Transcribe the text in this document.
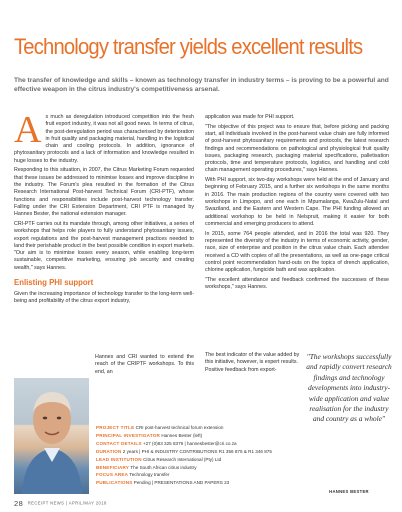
Technology transfer yields excellent results
The transfer of knowledge and skills – known as technology transfer in industry terms – is proving to be a powerful and effective weapon in the citrus industry's competitiveness arsenal.

A s much as deregulation introduced competition into the fresh fruit export industry, it was not all good news. In terms of citrus, the post-deregulation period was characterised by deterioration in fruit quality and packaging material, handling in the logistical chain and cooling protocols. In addition, ignorance of phytosanitary protocols and a lack of information and knowledge resulted in huge losses to the industry.

Responding to this situation, in 2007, the Citrus Marketing Forum requested that these issues be addressed to minimise losses and improve discipline in the industry. The Forum's plea resulted in the formation of the Citrus Research International Post-harvest Technical Forum (CRI-PTF), whose functions and responsibilities include post-harvest technology transfer. Falling under the CRI Extension Department, CRI PTF is managed by Hannes Bester, the national extension manager.

CRI-PTF carries out its mandate through, among other initiatives, a series of workshops that helps role players to fully understand phytosanitary issues, export regulations and the post-harvest management practices needed to land their perishable product in the best possible condition in export markets. "Our aim is to minimise losses every season, while enabling long-term sustainable, competitive marketing, ensuring job security and creating wealth," says Hannes.

Enlisting PHI support

Given the increasing importance of technology transfer to the long-term well-being and profitability of the citrus export industry,

Hannes and CRI wanted to extend the reach of the CRIPTF workshops. To this end, an

application was made for PHI support.

"The objective of this project was to ensure that, before picking and packing start, all individuals involved in the post-harvest value chain are fully informed of post-harvest phytosanitary requirements and protocols, the latest research findings and recommendations on pathological and physiological fruit quality issues, packaging research, packaging material specifications, palletisation protocols, time and temperature protocols, logistics, and handling and cold chain management operating procedures," says Hannes.

With PHI support, six two-day workshops were held at the end of January and beginning of February 2015, and a further six workshops in the same months in 2016. The main production regions of the country were covered with two workshops in Limpopo, and one each in Mpumalanga, KwaZulu-Natal and Swaziland, and the Eastern and Western Cape. The PHI funding allowed an additional workshop to be held in Nelspruit, making it easier for both commercial and emerging producers to attend.

In 2015, some 764 people attended, and in 2016 the total was 920. They represented the diversity of the industry in terms of economic activity, gender, race, size of enterprise and position in the citrus value chain. Each attendee received a CD with copies of all the presentations, as well as one-page critical control point recommendation hand-outs on the topics of drench application, chlorine application, fungicide bath and wax application.

"The excellent attendance and feedback confirmed the successes of these workshops," says Hannes.

The best indicator of the value added by this initiative, however, is expert results. Positive feedback from export-

"The workshops successfully and rapidly convert research findings and technology developments into industry-wide application and value realisation for the industry and country as a whole"
HANNES BESTER
PROJECT TITLE CRI post-harvest technical forum extension
PRINCIPAL INVESTIGATOR Hannes Bester (left)
CONTACT DETAILS +27 (0)83 325 8379 | hannesbester@cri.co.za
DURATION 2 years | PHI & INDUSTRY CONTRIBUTIONS R1 356 875 & R1 346 875
LEAD INSTITUTION Citrus Research International (Pty) Ltd
BENEFICIARY The South African citrus industry
FOCUS AREA Technology transfer
PUBLICATIONS Pending | PRESENTATIONS AND PAPERS 23
28 RECEIPT NEWS | APRIL/MAY 2018
